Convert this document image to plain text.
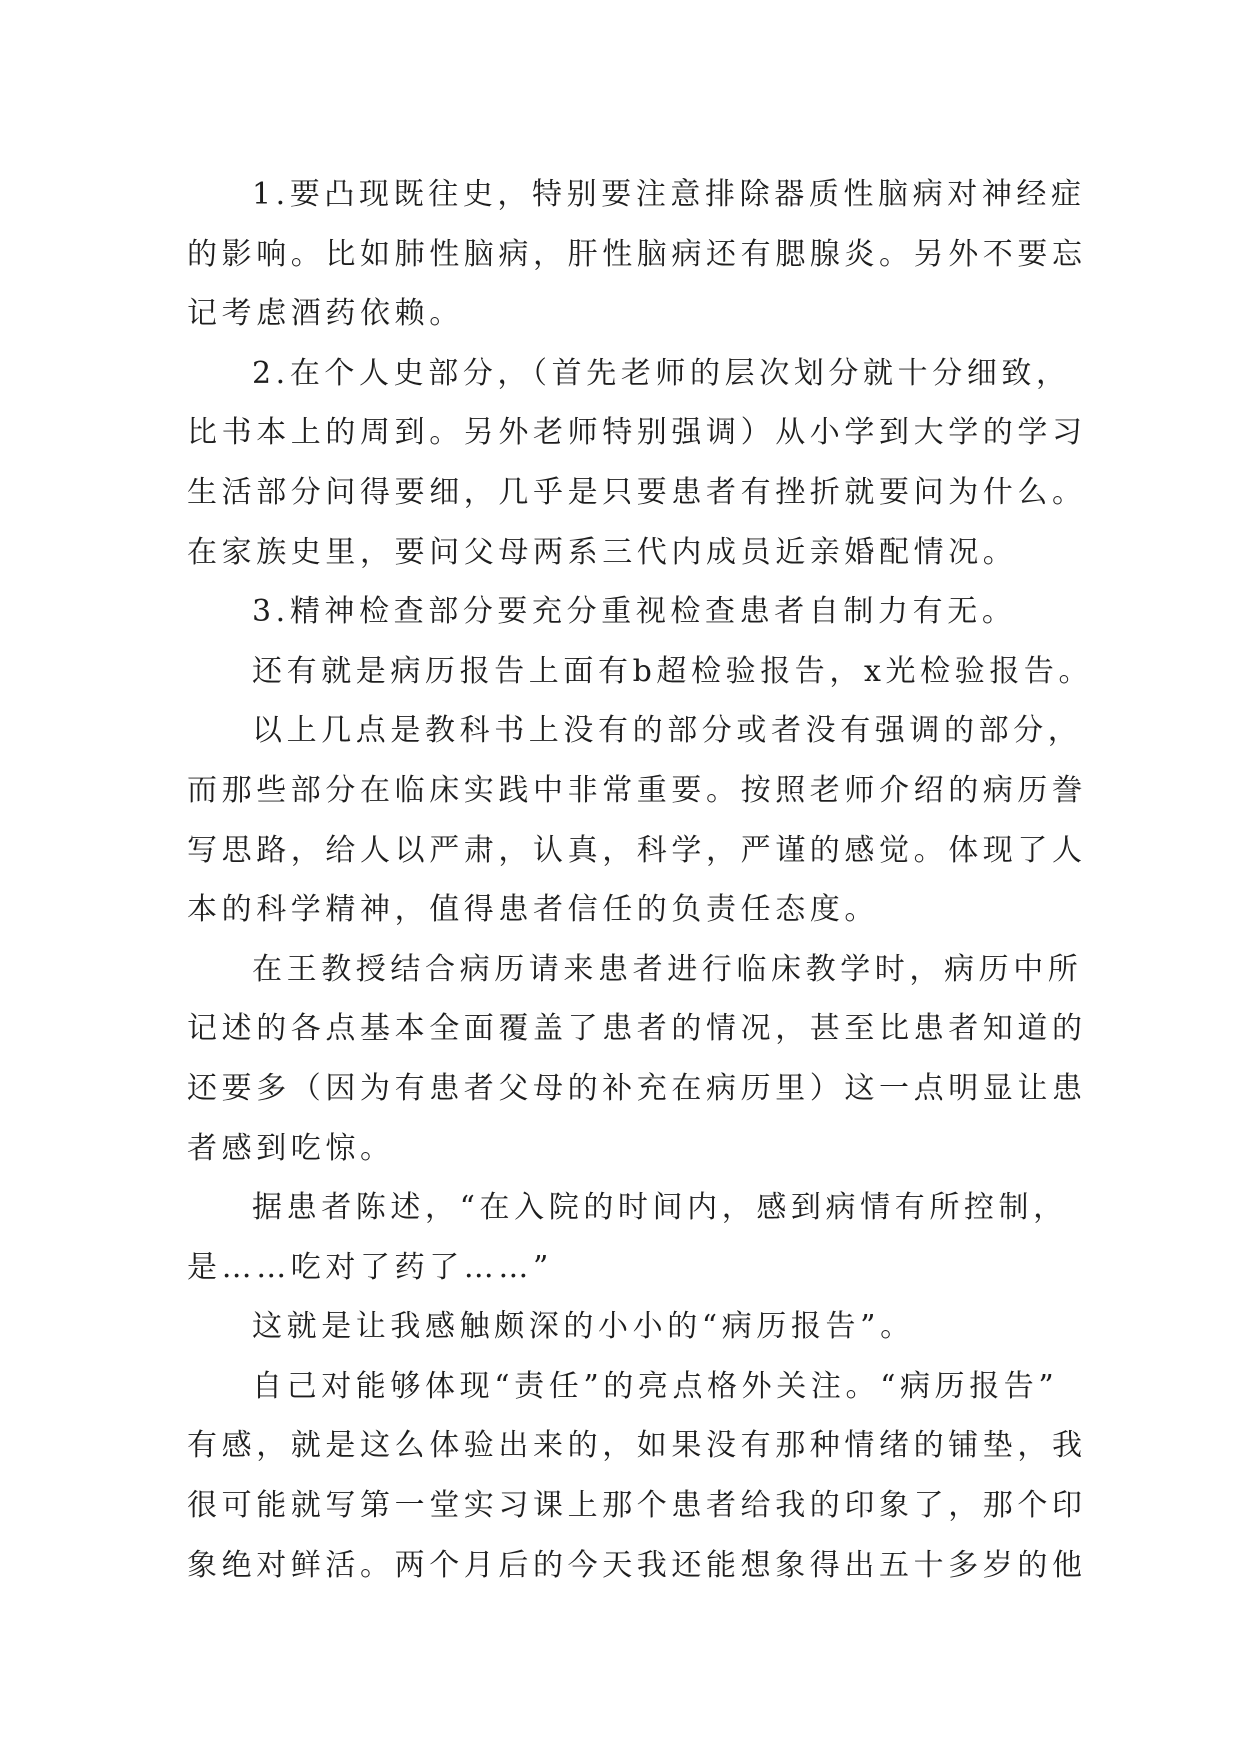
1.要凸现既往史，特别要注意排除器质性脑病对神经症
的影响。比如肺性脑病，肝性脑病还有腮腺炎。另外不要忘
记考虑酒药依赖。
2.在个人史部分，（首先老师的层次划分就十分细致，
比书本上的周到。另外老师特别强调）从小学到大学的学习
生活部分问得要细，几乎是只要患者有挫折就要问为什么。
在家族史里，要问父母两系三代内成员近亲婚配情况。
3.精神检查部分要充分重视检查患者自制力有无。
还有就是病历报告上面有b超检验报告，x光检验报告。
以上几点是教科书上没有的部分或者没有强调的部分，
而那些部分在临床实践中非常重要。按照老师介绍的病历誊
写思路，给人以严肃，认真，科学，严谨的感觉。体现了人
本的科学精神，值得患者信任的负责任态度。
在王教授结合病历请来患者进行临床教学时，病历中所
记述的各点基本全面覆盖了患者的情况，甚至比患者知道的
还要多（因为有患者父母的补充在病历里）这一点明显让患
者感到吃惊。
据患者陈述，“在入院的时间内，感到病情有所控制，
是……吃对了药了……”
这就是让我感触颇深的小小的“病历报告”。
自己对能够体现“责任”的亮点格外关注。“病历报告”
有感，就是这么体验出来的，如果没有那种情绪的铺垫，我
很可能就写第一堂实习课上那个患者给我的印象了，那个印
象绝对鲜活。两个月后的今天我还能想象得出五十多岁的他
